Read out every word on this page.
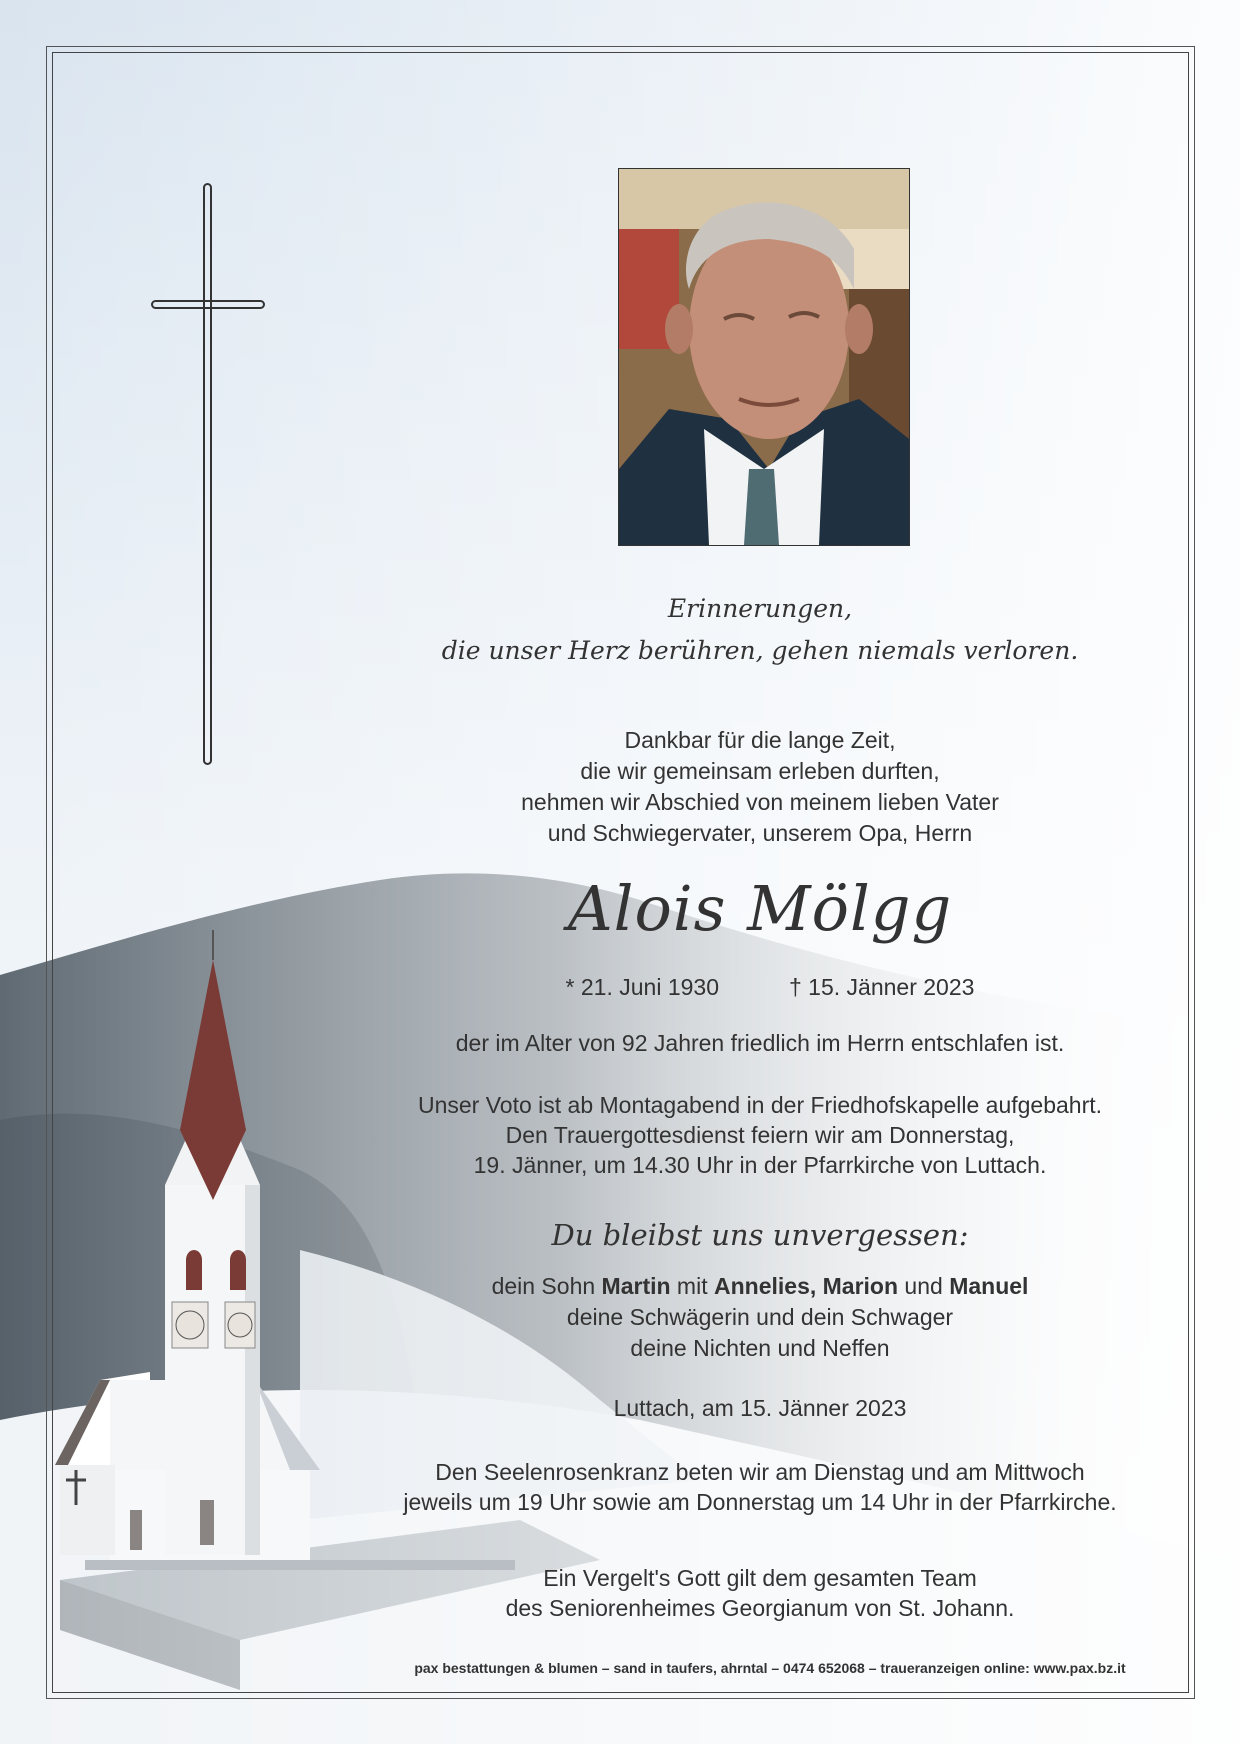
Erinnerungen,
die unser Herz berühren, gehen niemals verloren.
Dankbar für die lange Zeit,
die wir gemeinsam erleben durften,
nehmen wir Abschied von meinem lieben Vater
und Schwiegervater, unserem Opa, Herrn
Alois Mölgg
* 21. Juni 1930	† 15. Jänner 2023
der im Alter von 92 Jahren friedlich im Herrn entschlafen ist.
Unser Voto ist ab Montagabend in der Friedhofskapelle aufgebahrt.
Den Trauergottesdienst feiern wir am Donnerstag,
19. Jänner, um 14.30 Uhr in der Pfarrkirche von Luttach.
Du bleibst uns unvergessen:
dein Sohn Martin mit Annelies, Marion und Manuel
deine Schwägerin und dein Schwager
deine Nichten und Neffen
Luttach, am 15. Jänner 2023
Den Seelenrosenkranz beten wir am Dienstag und am Mittwoch
jeweils um 19 Uhr sowie am Donnerstag um 14 Uhr in der Pfarrkirche.
Ein Vergelt's Gott gilt dem gesamten Team
des Seniorenheimes Georgianum von St. Johann.
pax bestattungen & blumen – sand in taufers, ahrntal – 0474 652068 – traueranzeigen online: www.pax.bz.it
